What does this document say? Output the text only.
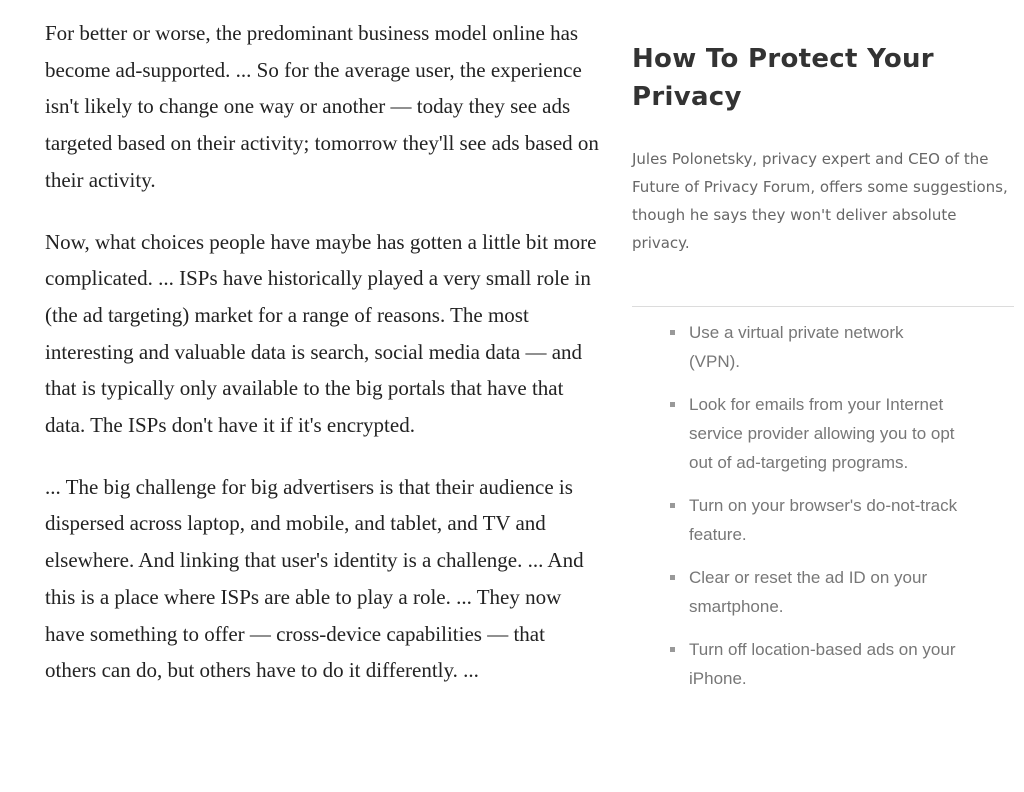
For better or worse, the predominant business model online has become ad-supported. ... So for the average user, the experience isn't likely to change one way or another — today they see ads targeted based on their activity; tomorrow they'll see ads based on their activity.

Now, what choices people have maybe has gotten a little bit more complicated. ... ISPs have historically played a very small role in (the ad targeting) market for a range of reasons. The most interesting and valuable data is search, social media data — and that is typically only available to the big portals that have that data. The ISPs don't have it if it's encrypted.

... The big challenge for big advertisers is that their audience is dispersed across laptop, and mobile, and tablet, and TV and elsewhere. And linking that user's identity is a challenge. ... And this is a place where ISPs are able to play a role. ... They now have something to offer — cross-device capabilities — that others can do, but others have to do it differently. ...

How To Protect Your Privacy

Jules Polonetsky, privacy expert and CEO of the Future of Privacy Forum, offers some suggestions, though he says they won't deliver absolute privacy.

Use a virtual private network (VPN).
Look for emails from your Internet service provider allowing you to opt out of ad-targeting programs.
Turn on your browser's do-not-track feature.
Clear or reset the ad ID on your smartphone.
Turn off location-based ads on your iPhone.
